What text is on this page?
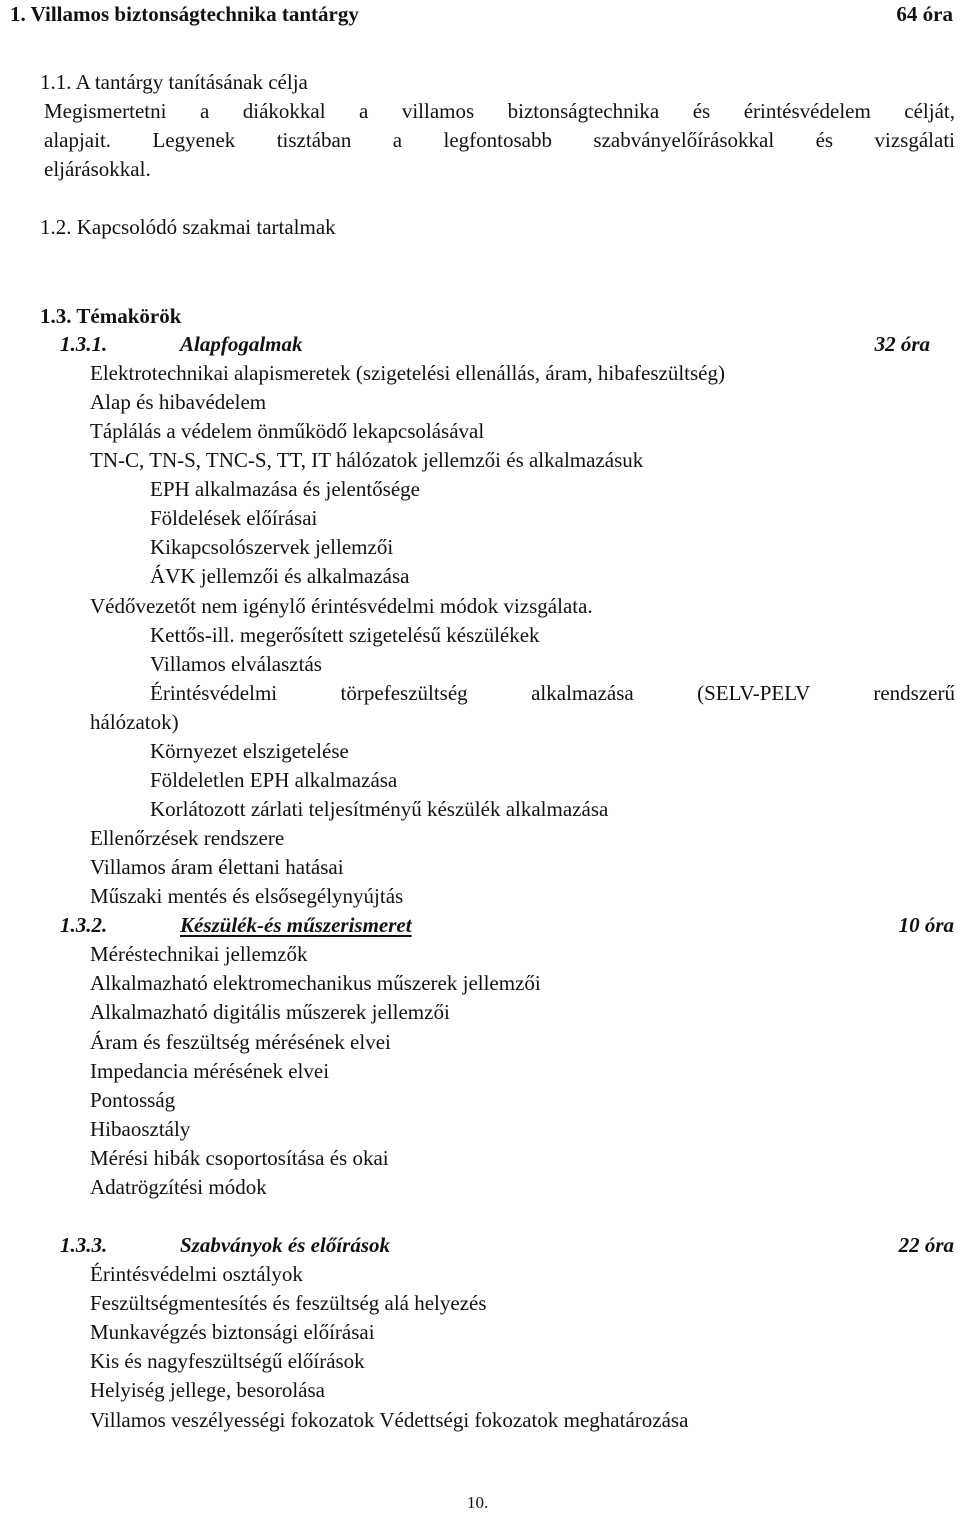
1. Villamos biztonságtechnika tantárgy	64 óra
1.1. A tantárgy tanításának célja
Megismertetni a diákokkal a villamos biztonságtechnika és érintésvédelem célját,
alapjait. Legyenek tisztában a legfontosabb szabványelőírásokkal és vizsgálati
eljárásokkal.
1.2. Kapcsolódó szakmai tartalmak
1.3. Témakörök
1.3.1.	Alapfogalmak	32 óra
Elektrotechnikai alapismeretek (szigetelési ellenállás, áram, hibafeszültség)
Alap és hibavédelem
Táplálás a védelem önműködő lekapcsolásával
TN-C, TN-S, TNC-S, TT, IT hálózatok jellemzői és alkalmazásuk
EPH alkalmazása és jelentősége
Földelések előírásai
Kikapcsolószervek jellemzői
ÁVK jellemzői és alkalmazása
Védővezetőt nem igénylő érintésvédelmi módok vizsgálata.
Kettős-ill. megerősített szigetelésű készülékek
Villamos elválasztás
Érintésvédelmi törpefeszültség alkalmazása (SELV-PELV rendszerű
hálózatok)
Környezet elszigetelése
Földeletlen EPH alkalmazása
Korlátozott zárlati teljesítményű készülék alkalmazása
Ellenőrzések rendszere
Villamos áram élettani hatásai
Műszaki mentés és elsősegélynyújtás
1.3.2.	Készülék-és műszerismeret	10 óra
Méréstechnikai jellemzők
Alkalmazható elektromechanikus műszerek jellemzői
Alkalmazható digitális műszerek jellemzői
Áram és feszültség mérésének elvei
Impedancia mérésének elvei
Pontosság
Hibaosztály
Mérési hibák csoportosítása és okai
Adatrögzítési módok
1.3.3.	Szabványok és előírások	22 óra
Érintésvédelmi osztályok
Feszültségmentesítés és feszültség alá helyezés
Munkavégzés biztonsági előírásai
Kis és nagyfeszültségű előírások
Helyiség jellege, besorolása
Villamos veszélyességi fokozatok Védettségi fokozatok meghatározása
10.
